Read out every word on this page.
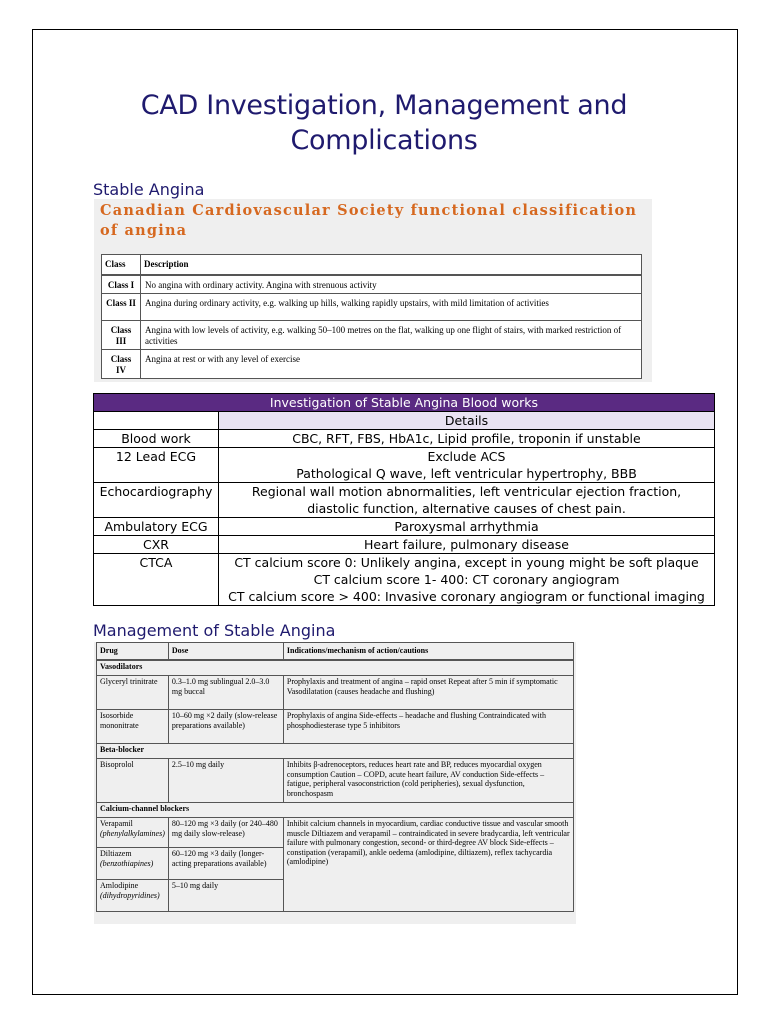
CAD Investigation, Management and Complications
Stable Angina
Canadian Cardiovascular Society functional classification of angina
Class	Description
Class I	No angina with ordinary activity. Angina with strenuous activity
Class II	Angina during ordinary activity, e.g. walking up hills, walking rapidly upstairs, with mild limitation of activities
Class III	Angina with low levels of activity, e.g. walking 50–100 metres on the flat, walking up one flight of stairs, with marked restriction of activities
Class IV	Angina at rest or with any level of exercise
Investigation of Stable Angina Blood works	
	Details
Blood work	CBC, RFT, FBS, HbA1c, Lipid profile, troponin if unstable

12 Lead ECG	Exclude ACS
Pathological Q wave, left ventricular hypertrophy, BBB

Echocardiography	Regional wall motion abnormalities, left ventricular ejection fraction,
diastolic function, alternative causes of chest pain.

Ambulatory ECG	Paroxysmal arrhythmia

CXR	Heart failure, pulmonary disease

CTCA	CT calcium score 0: Unlikely angina, except in young might be soft plaque
CT calcium score 1- 400: CT coronary angiogram
CT calcium score > 400: Invasive coronary angiogram or functional imaging
Management of Stable Angina
Drug	Dose	Indications/mechanism of action/cautions
Vasodilators		
Glyceryl trinitrate	0.3–1.0 mg sublingual 2.0–3.0 mg buccal	Prophylaxis and treatment of angina – rapid onset Repeat after 5 min if symptomatic Vasodilatation (causes headache and flushing)
Isosorbide mononitrate	10–60 mg ×2 daily (slow-release preparations available)	Prophylaxis of angina Side-effects – headache and flushing Contraindicated with phosphodiesterase type 5 inhibitors
Beta-blocker		
Bisoprolol	2.5–10 mg daily	Inhibits β-adrenoceptors, reduces heart rate and BP, reduces myocardial oxygen consumption Caution – COPD, acute heart failure, AV conduction Side-effects – fatigue, peripheral vasoconstriction (cold peripheries), sexual dysfunction, bronchospasm
Calcium-channel blockers		
Verapamil (phenylalkylamines)	80–120 mg ×3 daily (or 240–480 mg daily slow-release)	Inhibit calcium channels in myocardium, cardiac conductive tissue and vascular smooth muscle Diltiazem and verapamil – contraindicated in severe bradycardia, left ventricular failure with pulmonary congestion, second- or third-degree AV block Side-effects – constipation (verapamil), ankle oedema (amlodipine, diltiazem), reflex tachycardia (amlodipine)
Diltiazem (benzothiapines)	60–120 mg ×3 daily (longer-acting preparations available)	
Amlodipine (dihydropyridines)	5–10 mg daily	
